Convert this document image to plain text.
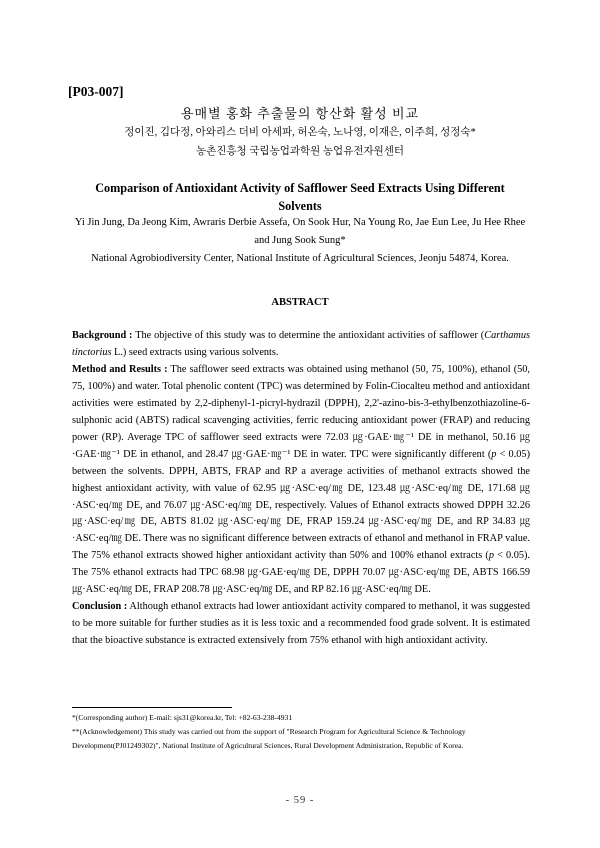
[P03-007]
용매별 홍화 추출물의 항산화 활성 비교
정이진, 김다정, 아와리스 더비 아세파, 허온숙, 노나영, 이재은, 이주희, 성정숙*
농촌진흥청 국립농업과학원 농업유전자원센터
Comparison of Antioxidant Activity of Safflower Seed Extracts Using Different Solvents
Yi Jin Jung, Da Jeong Kim, Awraris Derbie Assefa, On Sook Hur, Na Young Ro, Jae Eun Lee, Ju Hee Rhee and Jung Sook Sung*
National Agrobiodiversity Center, National Institute of Agricultural Sciences, Jeonju 54874, Korea.
ABSTRACT

Background : The objective of this study was to determine the antioxidant activities of safflower (Carthamus tinctorius L.) seed extracts using various solvents.

Method and Results : The safflower seed extracts was obtained using methanol (50, 75, 100%), ethanol (50, 75, 100%) and water. Total phenolic content (TPC) was determined by Folin-Ciocalteu method and antioxidant activities were estimated by 2,2-diphenyl-1-picryl-hydrazil (DPPH), 2,2'-azino-bis-3-ethylbenzothiazoline-6-sulphonic acid (ABTS) radical scavenging activities, ferric reducing antioxidant power (FRAP) and reducing power (RP). Average TPC of safflower seed extracts were 72.03 ㎍·GAE·㎎⁻¹ DE in methanol, 50.16 ㎍·GAE·㎎⁻¹ DE in ethanol, and 28.47 ㎍·GAE·㎎⁻¹ DE in water. TPC were significantly different (p < 0.05) between the solvents. DPPH, ABTS, FRAP and RP a average activities of methanol extracts showed the highest antioxidant activity, with value of 62.95 ㎍·ASC·eq/㎎ DE, 123.48 ㎍·ASC·eq/㎎ DE, 171.68 ㎍·ASC·eq/㎎ DE, and 76.07 ㎍·ASC·eq/㎎ DE, respectively. Values of Ethanol extracts showed DPPH 32.26 ㎍·ASC·eq/㎎ DE, ABTS 81.02 ㎍·ASC·eq/㎎ DE, FRAP 159.24 ㎍·ASC·eq/㎎ DE, and RP 34.83 ㎍·ASC·eq/㎎ DE. There was no significant difference between extracts of ethanol and methanol in FRAP value. The 75% ethanol extracts showed higher antioxidant activity than 50% and 100% ethanol extracts (p < 0.05). The 75% ethanol extracts had TPC 68.98 ㎍·GAE·eq/㎎ DE, DPPH 70.07 ㎍·ASC·eq/㎎ DE, ABTS 166.59 ㎍·ASC·eq/㎎ DE, FRAP 208.78 ㎍·ASC·eq/㎎ DE, and RP 82.16 ㎍·ASC·eq/㎎ DE.

Conclusion : Although ethanol extracts had lower antioxidant activity compared to methanol, it was suggested to be more suitable for further studies as it is less toxic and a recommended food grade solvent. It is estimated that the bioactive substance is extracted extensively from 75% ethanol with high antioxidant activity.

*(Corresponding author) E-mail: sjs31@korea.kr, Tel: +82-63-238-4931
**(Acknowledgement) This study was carried out from the support of "Research Program for Agricultural Science & Technology Development(PJ01249302)", National Institute of Agricultural Sciences, Rural Development Administration, Republic of Korea.
- 59 -
